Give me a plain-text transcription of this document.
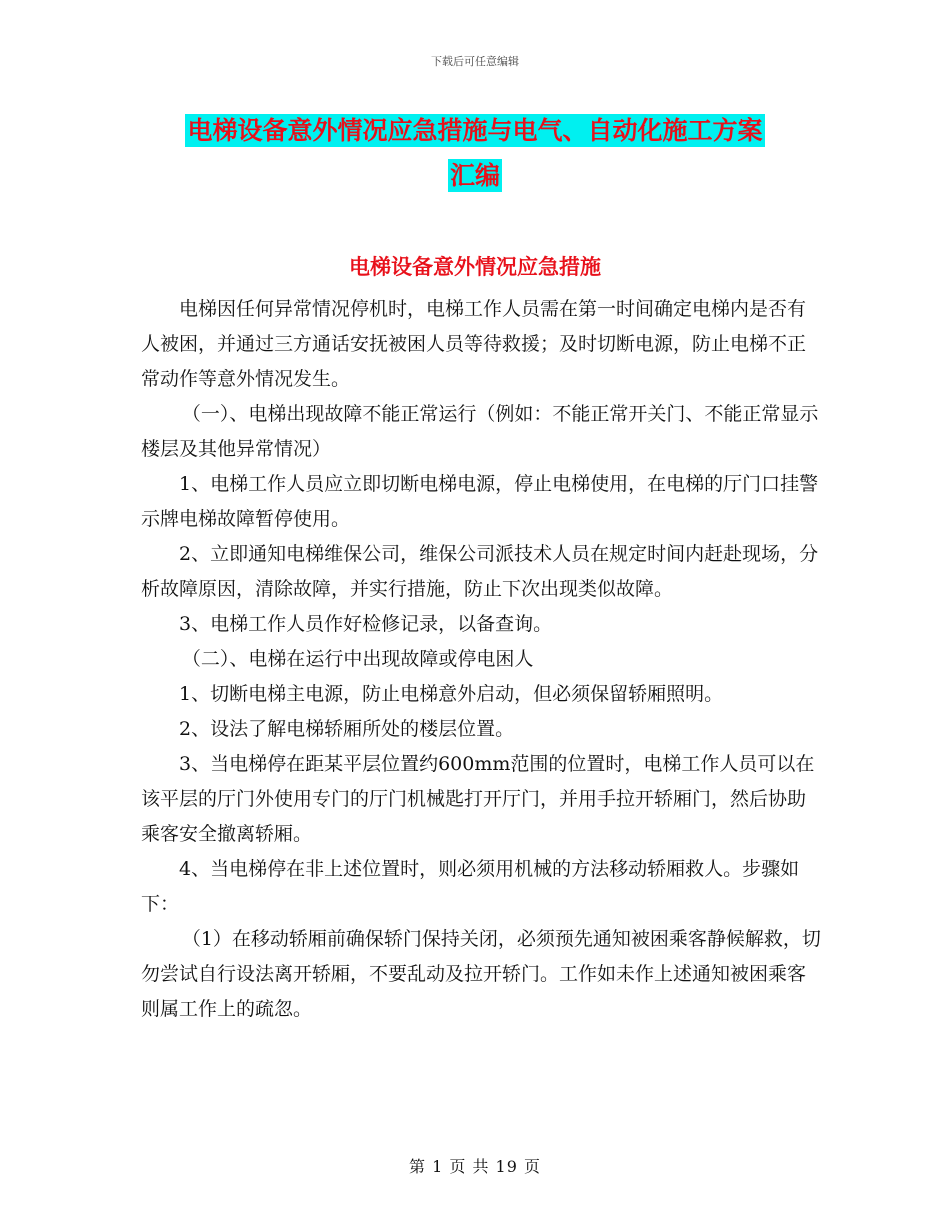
下载后可任意编辑
电梯设备意外情况应急措施与电气、自动化施工方案
汇编
电梯设备意外情况应急措施

电梯因任何异常情况停机时，电梯工作人员需在第一时间确定电梯内是否有人被困，并通过三方通话安抚被困人员等待救援；及时切断电源，防止电梯不正常动作等意外情况发生。

（一）、电梯出现故障不能正常运行（例如：不能正常开关门、不能正常显示楼层及其他异常情况）

1、电梯工作人员应立即切断电梯电源，停止电梯使用，在电梯的厅门口挂警示牌电梯故障暂停使用。

2、立即通知电梯维保公司，维保公司派技术人员在规定时间内赶赴现场，分析故障原因，清除故障，并实行措施，防止下次出现类似故障。

3、电梯工作人员作好检修记录，以备查询。

（二）、电梯在运行中出现故障或停电困人

1、切断电梯主电源，防止电梯意外启动，但必须保留轿厢照明。

2、设法了解电梯轿厢所处的楼层位置。

3、当电梯停在距某平层位置约600mm范围的位置时，电梯工作人员可以在该平层的厅门外使用专门的厅门机械匙打开厅门，并用手拉开轿厢门，然后协助乘客安全撤离轿厢。

4、当电梯停在非上述位置时，则必须用机械的方法移动轿厢救人。步骤如下：

（1）在移动轿厢前确保轿门保持关闭，必须预先通知被困乘客静候解救，切勿尝试自行设法离开轿厢，不要乱动及拉开轿门。工作如未作上述通知被困乘客则属工作上的疏忽。

第 1 页 共 19 页
